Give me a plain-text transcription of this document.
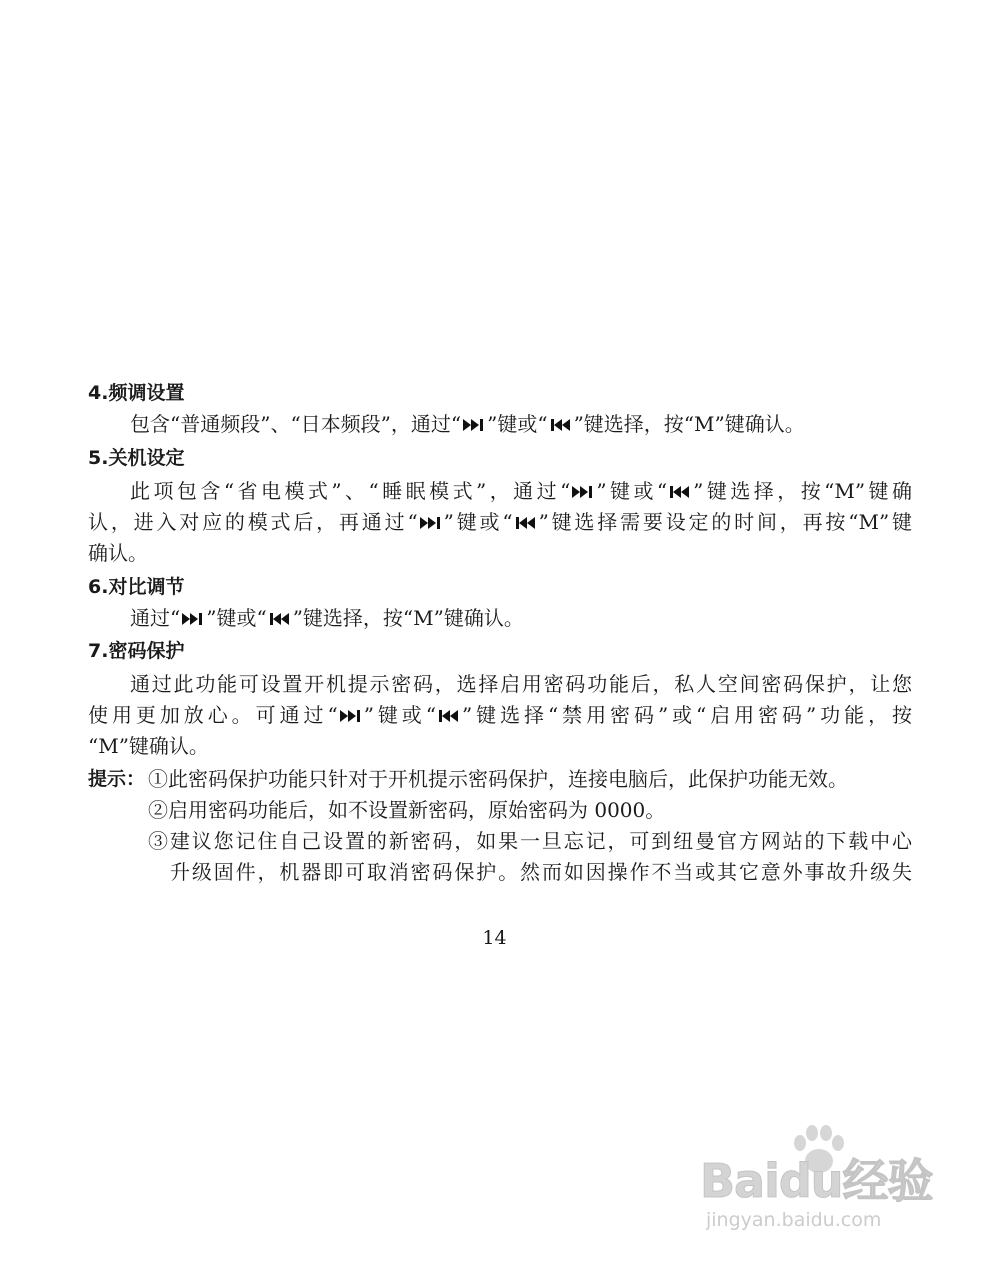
4.频调设置
包含“普通频段”、“日本频段”，通过“ ”键或“ ”键选择，按“M”键确认。
5.关机设定
此项包含“省电模式”、“睡眠模式”，通过“ ”键或“ ”键选择，按“M”键确
认，进入对应的模式后，再通过“ ”键或“ ”键选择需要设定的时间，再按“M”键
确认。
6.对比调节
通过“ ”键或“ ”键选择，按“M”键确认。
7.密码保护
通过此功能可设置开机提示密码，选择启用密码功能后，私人空间密码保护，让您
使用更加放心。可通过“ ”键或“ ”键选择“禁用密码”或“启用密码”功能，按
“M”键确认。
提示： ①此密码保护功能只针对于开机提示密码保护，连接电脑后，此保护功能无效。
②启用密码功能后，如不设置新密码，原始密码为 0000。
③建议您记住自己设置的新密码，如果一旦忘记，可到纽曼官方网站的下载中心
升级固件，机器即可取消密码保护。然而如因操作不当或其它意外事故升级失
14
Baidu经验
jingyan.baidu.com
